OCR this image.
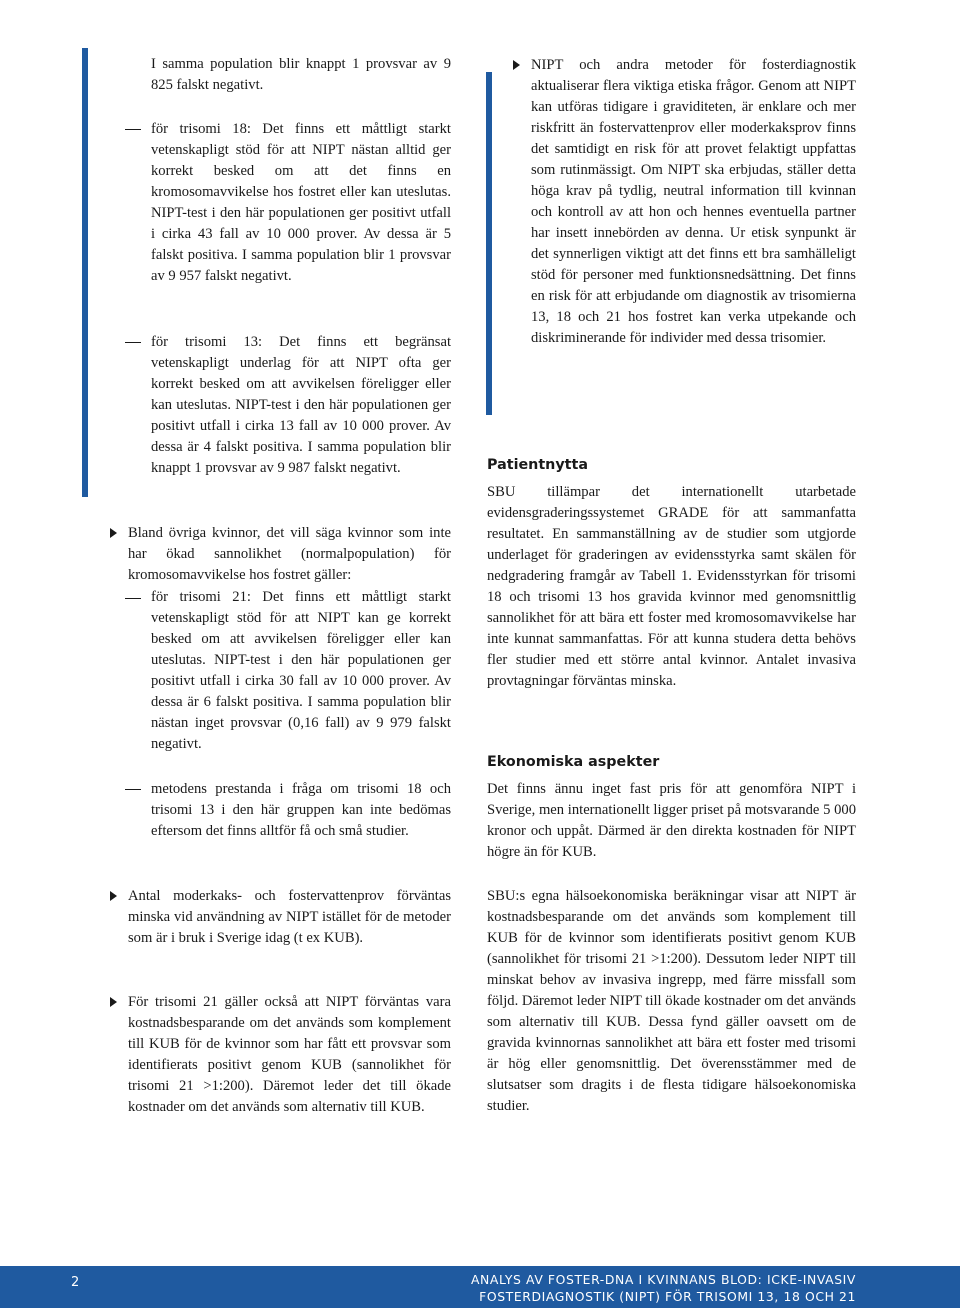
I samma population blir knappt 1 provsvar av 9 825 falskt negativt.

för trisomi 18: Det finns ett måttligt starkt vetenskapligt stöd för att NIPT nästan alltid ger korrekt besked om att det finns en kromosomavvikelse hos fostret eller kan uteslutas. NIPT-test i den här populationen ger positivt utfall i cirka 43 fall av 10 000 prover. Av dessa är 5 falskt positiva. I samma population blir 1 provsvar av 9 957 falskt negativt.

för trisomi 13: Det finns ett begränsat vetenskapligt underlag för att NIPT ofta ger korrekt besked om att avvikelsen föreligger eller kan uteslutas. NIPT-test i den här populationen ger positivt utfall i cirka 13 fall av 10 000 prover. Av dessa är 4 falskt positiva. I samma population blir knappt 1 provsvar av 9 987 falskt negativt.

Bland övriga kvinnor, det vill säga kvinnor som inte har ökad sannolikhet (normalpopulation) för kromosomavvikelse hos fostret gäller:

för trisomi 21: Det finns ett måttligt starkt vetenskapligt stöd för att NIPT kan ge korrekt besked om att avvikelsen föreligger eller kan uteslutas. NIPT-test i den här populationen ger positivt utfall i cirka 30 fall av 10 000 prover. Av dessa är 6 falskt positiva. I samma population blir nästan inget provsvar (0,16 fall) av 9 979 falskt negativt.

metodens prestanda i fråga om trisomi 18 och trisomi 13 i den här gruppen kan inte bedömas eftersom det finns alltför få och små studier.

Antal moderkaks- och fostervattenprov förväntas minska vid användning av NIPT istället för de metoder som är i bruk i Sverige idag (t ex KUB).

För trisomi 21 gäller också att NIPT förväntas vara kostnadsbesparande om det används som komplement till KUB för de kvinnor som har fått ett provsvar som identifierats positivt genom KUB (sannolikhet för trisomi 21 >1:200). Däremot leder det till ökade kostnader om det används som alternativ till KUB.

NIPT och andra metoder för fosterdiagnostik aktualiserar flera viktiga etiska frågor. Genom att NIPT kan utföras tidigare i graviditeten, är enklare och mer riskfritt än fostervattenprov eller moderkaksprov finns det samtidigt en risk för att provet felaktigt uppfattas som rutinmässigt. Om NIPT ska erbjudas, ställer detta höga krav på tydlig, neutral information till kvinnan och kontroll av att hon och hennes eventuella partner har insett innebörden av denna. Ur etisk synpunkt är det synnerligen viktigt att det finns ett bra samhälleligt stöd för personer med funktionsnedsättning. Det finns en risk för att erbjudande om diagnostik av trisomierna 13, 18 och 21 hos fostret kan verka utpekande och diskriminerande för individer med dessa trisomier.

Patientnytta

SBU tillämpar det internationellt utarbetade evidensgraderingssystemet GRADE för att sammanfatta resultatet. En sammanställning av de studier som utgjorde underlaget för graderingen av evidensstyrka samt skälen för nedgradering framgår av Tabell 1. Evidensstyrkan för trisomi 18 och trisomi 13 hos gravida kvinnor med genomsnittlig sannolikhet för att bära ett foster med kromosomavvikelse har inte kunnat sammanfattas. För att kunna studera detta behövs fler studier med ett större antal kvinnor. Antalet invasiva provtagningar förväntas minska.

Ekonomiska aspekter

Det finns ännu inget fast pris för att genomföra NIPT i Sverige, men internationellt ligger priset på motsvarande 5 000 kronor och uppåt. Därmed är den direkta kostnaden för NIPT högre än för KUB.

SBU:s egna hälsoekonomiska beräkningar visar att NIPT är kostnadsbesparande om det används som komplement till KUB för de kvinnor som identifierats positivt genom KUB (sannolikhet för trisomi 21 >1:200). Dessutom leder NIPT till minskat behov av invasiva ingrepp, med färre missfall som följd. Däremot leder NIPT till ökade kostnader om det används som alternativ till KUB. Dessa fynd gäller oavsett om de gravida kvinnornas sannolikhet att bära ett foster med trisomi är hög eller genomsnittlig. Det överensstämmer med de slutsatser som dragits i de flesta tidigare hälsoekonomiska studier.

2	ANALYS AV FOSTER-DNA I KVINNANS BLOD: ICKE-INVASIV
FOSTERDIAGNOSTIK (NIPT) FÖR TRISOMI 13, 18 OCH 21
